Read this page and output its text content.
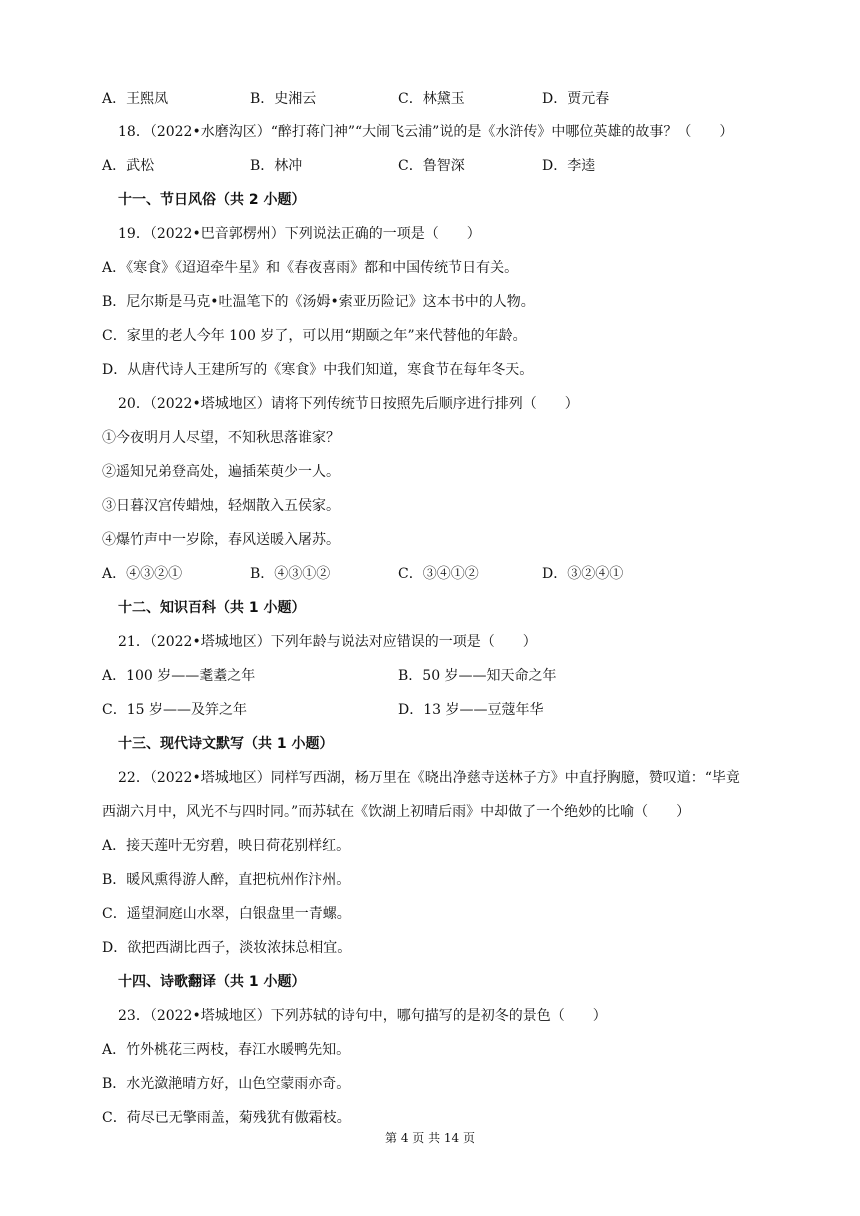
A．王熙凤	B．史湘云	C．林黛玉	D．贾元春
18．（2022•水磨沟区）“醉打蒋门神”“大闹飞云浦”说的是《水浒传》中哪位英雄的故事？（　　）
A．武松	B．林冲	C．鲁智深	D．李逵
十一、节日风俗（共 2 小题）
19．（2022•巴音郭楞州）下列说法正确的一项是（　　）
A．《寒食》《迢迢牵牛星》和《春夜喜雨》都和中国传统节日有关。
B．尼尔斯是马克•吐温笔下的《汤姆•索亚历险记》这本书中的人物。
C．家里的老人今年 100 岁了，可以用“期颐之年”来代替他的年龄。
D．从唐代诗人王建所写的《寒食》中我们知道，寒食节在每年冬天。
20．（2022•塔城地区）请将下列传统节日按照先后顺序进行排列（　　）
①今夜明月人尽望，不知秋思落谁家？
②遥知兄弟登高处，遍插茱萸少一人。
③日暮汉宫传蜡烛，轻烟散入五侯家。
④爆竹声中一岁除，春风送暖入屠苏。
A．④③②①	B．④③①②	C．③④①②	D．③②④①
十二、知识百科（共 1 小题）
21．（2022•塔城地区）下列年龄与说法对应错误的一项是（　　）
A．100 岁——耄耋之年	B．50 岁——知天命之年
C．15 岁——及笄之年	D．13 岁——豆蔻年华
十三、现代诗文默写（共 1 小题）
22．（2022•塔城地区）同样写西湖，杨万里在《晓出净慈寺送林子方》中直抒胸臆，赞叹道：“毕竟
西湖六月中，风光不与四时同。”而苏轼在《饮湖上初晴后雨》中却做了一个绝妙的比喻（　　）
A．接天莲叶无穷碧，映日荷花别样红。
B．暖风熏得游人醉，直把杭州作汴州。
C．遥望洞庭山水翠，白银盘里一青螺。
D．欲把西湖比西子，淡妆浓抹总相宜。
十四、诗歌翻译（共 1 小题）
23．（2022•塔城地区）下列苏轼的诗句中，哪句描写的是初冬的景色（　　）
A．竹外桃花三两枝，春江水暖鸭先知。
B．水光潋滟晴方好，山色空蒙雨亦奇。
C．荷尽已无擎雨盖，菊残犹有傲霜枝。
第 4 页 共 14 页
